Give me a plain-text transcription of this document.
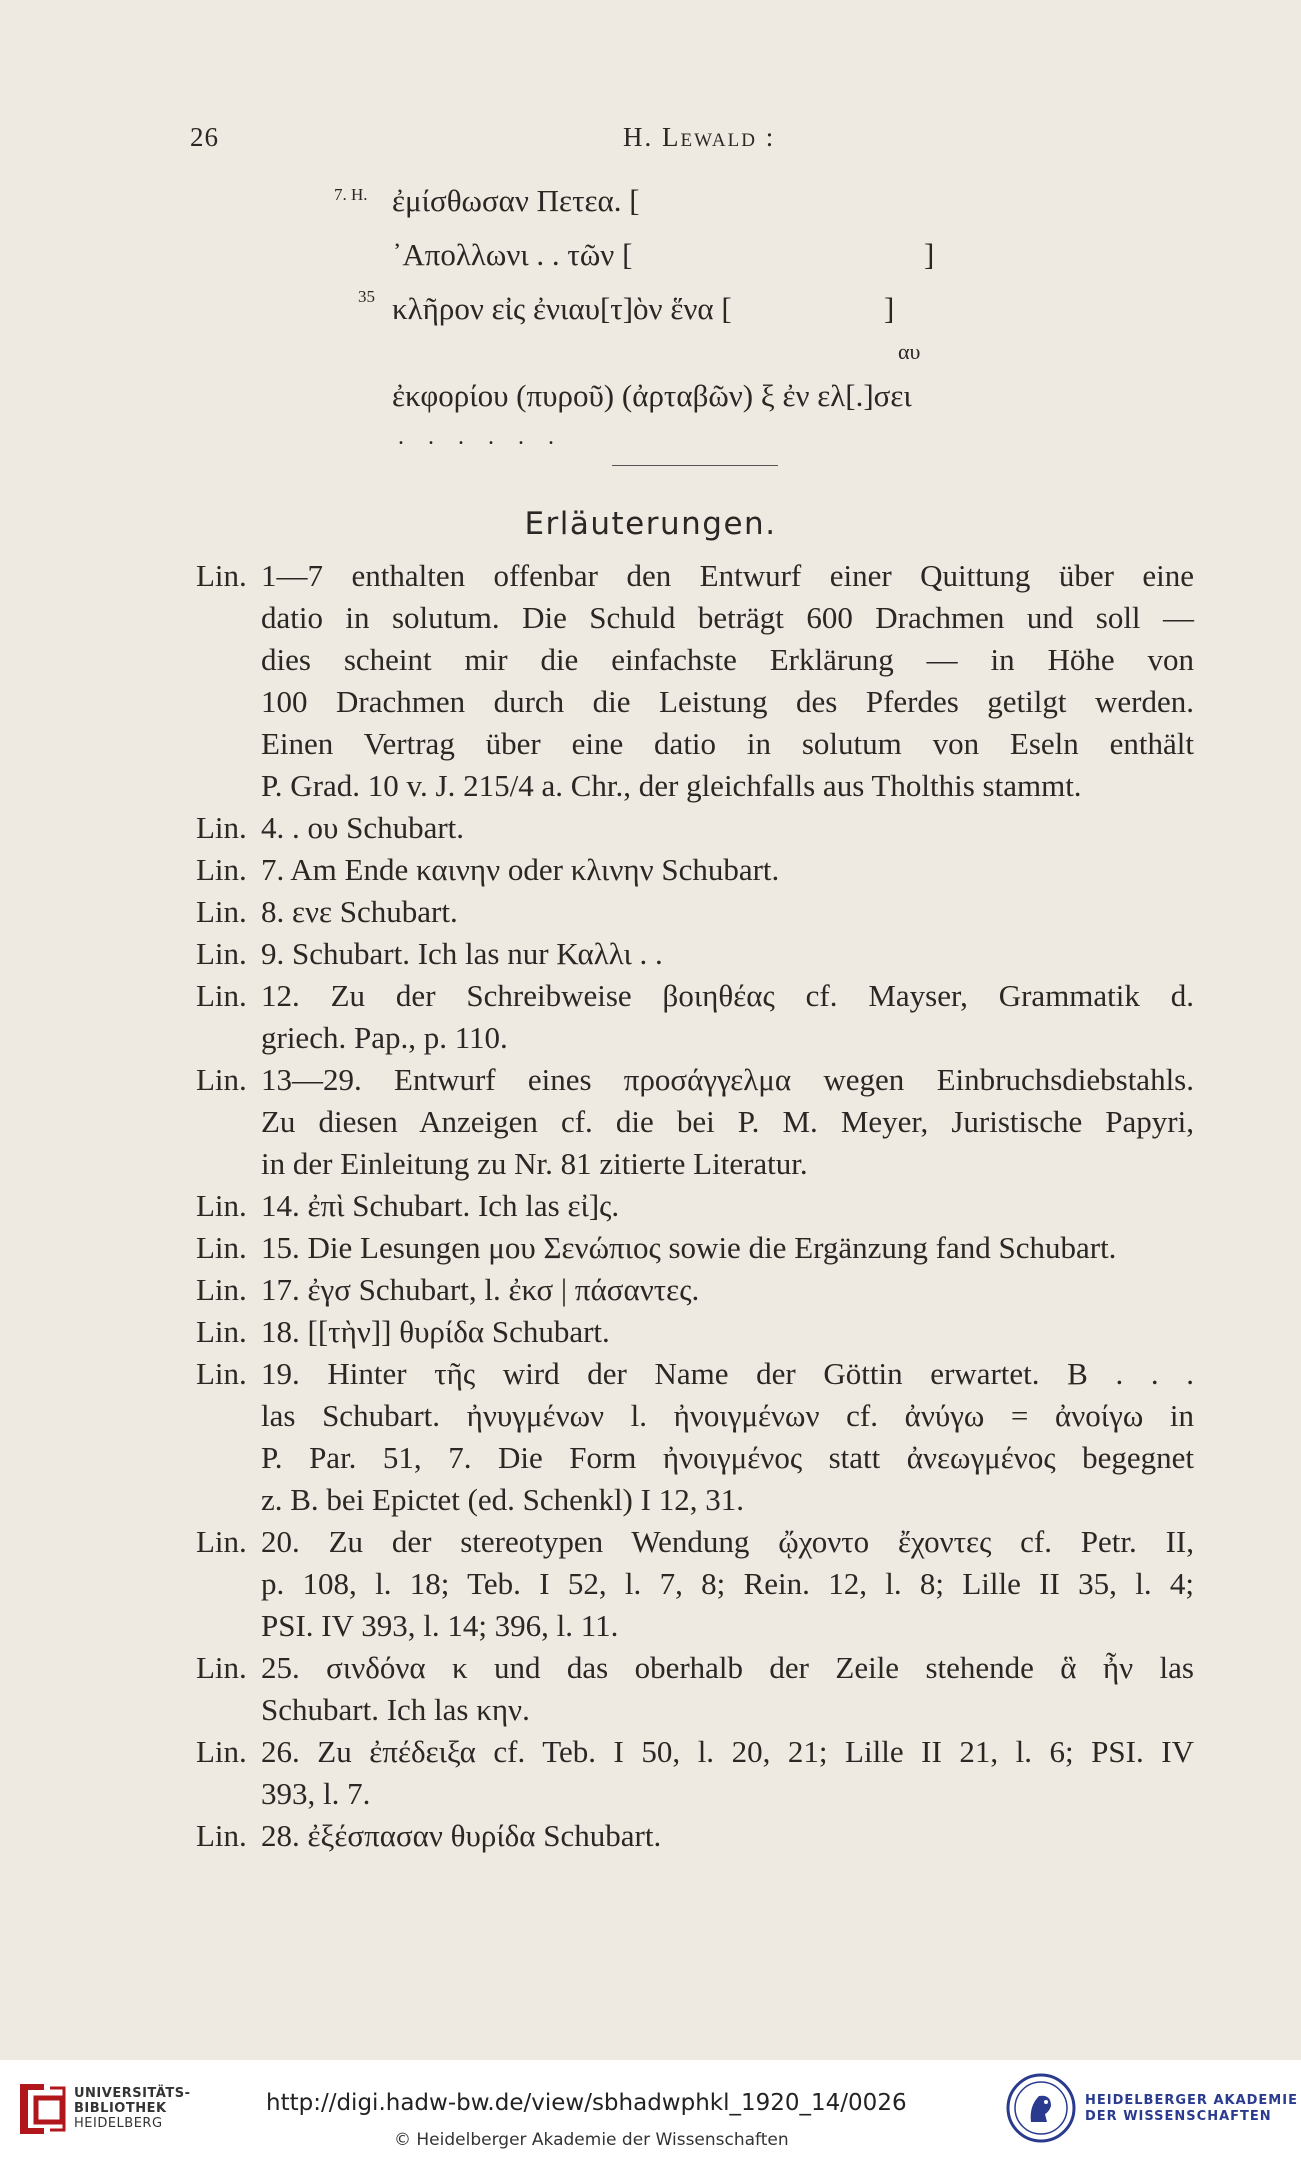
26	H. Lewald :
7. H. ἐμίσθωσαν Πετεα. [
᾿Απολλωνι . . τῶν [	]
35 κλῆρον εἰς ἐνιαυ[τ]ὸν ἕνα [	]
αυ
ἐκφορίου (πυροῦ) (ἀρταβῶν) ξ ἐν ελ[.]σει
. . . . . .
Erläuterungen.
Lin. 1—7 enthalten offenbar den Entwurf einer Quittung über eine
datio in solutum. Die Schuld beträgt 600 Drachmen und soll —
dies scheint mir die einfachste Erklärung — in Höhe von
100 Drachmen durch die Leistung des Pferdes getilgt werden.
Einen Vertrag über eine datio in solutum von Eseln enthält
P. Grad. 10 v. J. 215/4 a. Chr., der gleichfalls aus Tholthis stammt.
Lin. 4. . ου Schubart.
Lin. 7. Am Ende καινην oder κλινην Schubart.
Lin. 8. ενε Schubart.
Lin. 9. Schubart. Ich las nur Καλλι . .
Lin. 12. Zu der Schreibweise βοιηθέας cf. Mayser, Grammatik d.
griech. Pap., p. 110.
Lin. 13—29. Entwurf eines προσάγγελμα wegen Einbruchsdiebstahls.
Zu diesen Anzeigen cf. die bei P. M. Meyer, Juristische Papyri,
in der Einleitung zu Nr. 81 zitierte Literatur.
Lin. 14. ἐπὶ Schubart. Ich las εἰ]ς.
Lin. 15. Die Lesungen μου Σενώπιος sowie die Ergänzung fand Schubart.
Lin. 17. ἐγσ Schubart, l. ἐκσ | πάσαντες.
Lin. 18. [[τὴν]] θυρίδα Schubart.
Lin. 19. Hinter τῆς wird der Name der Göttin erwartet. Β . . .
las Schubart. ἠνυγμένων l. ἠνοιγμένων cf. ἀνύγω = ἀνοίγω in
P. Par. 51, 7. Die Form ἠνοιγμένος statt ἀνεωγμένος begegnet
z. B. bei Epictet (ed. Schenkl) I 12, 31.
Lin. 20. Zu der stereotypen Wendung ᾤχοντο ἔχοντες cf. Petr. II,
p. 108, l. 18; Teb. I 52, l. 7, 8; Rein. 12, l. 8; Lille II 35, l. 4;
PSI. IV 393, l. 14; 396, l. 11.
Lin. 25. σινδόνα κ und das oberhalb der Zeile stehende ἃ ἦν las
Schubart. Ich las κην.
Lin. 26. Zu ἐπέδειξα cf. Teb. I 50, l. 20, 21; Lille II 21, l. 6; PSI. IV
393, l. 7.
Lin. 28. ἐξέσπασαν θυρίδα Schubart.
UNIVERSITÄTS-
BIBLIOTHEK
HEIDELBERG
http://digi.hadw-bw.de/view/sbhadwphkl_1920_14/0026
© Heidelberger Akademie der Wissenschaften
HEIDELBERGER AKADEMIE
DER WISSENSCHAFTEN
